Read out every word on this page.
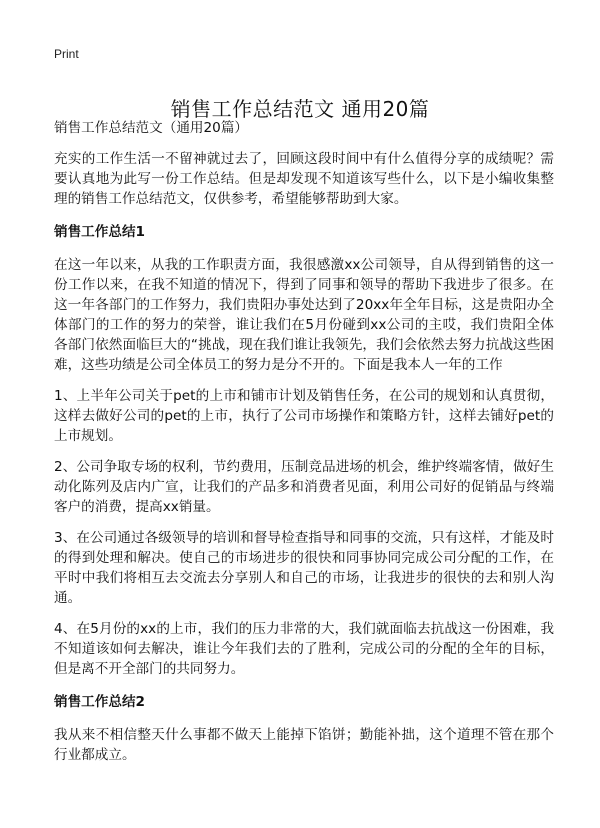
Print
销售工作总结范文 通用20篇

销售工作总结范文（通用20篇）

充实的工作生活一不留神就过去了，回顾这段时间中有什么值得分享的成绩呢？需要认真地为此写一份工作总结。但是却发现不知道该写些什么，以下是小编收集整理的销售工作总结范文，仅供参考，希望能够帮助到大家。

销售工作总结1

在这一年以来，从我的工作职责方面，我很感激xx公司领导，自从得到销售的这一份工作以来，在我不知道的情况下，得到了同事和领导的帮助下我进步了很多。在这一年各部门的工作努力，我们贵阳办事处达到了20xx年全年目标，这是贵阳办全体部门的工作的努力的荣誉，谁让我们在5月份碰到xx公司的主哎，我们贵阳全体各部门依然面临巨大的“挑战，现在我们谁让我领先，我们会依然去努力抗战这些困难，这些功绩是公司全体员工的努力是分不开的。下面是我本人一年的工作

1、上半年公司关于pet的上市和铺市计划及销售任务，在公司的规划和认真贯彻，这样去做好公司的pet的上市，执行了公司市场操作和策略方针，这样去铺好pet的上市规划。

2、公司争取专场的权利，节约费用，压制竞品进场的机会，维护终端客情，做好生动化陈列及店内广宣，让我们的产品多和消费者见面，利用公司好的促销品与终端客户的消费，提高xx销量。

3、在公司通过各级领导的培训和督导检查指导和同事的交流，只有这样，才能及时的得到处理和解决。使自己的市场进步的很快和同事协同完成公司分配的工作，在平时中我们将相互去交流去分享别人和自己的市场，让我进步的很快的去和别人沟通。

4、在5月份的xx的上市，我们的压力非常的大，我们就面临去抗战这一份困难，我不知道该如何去解决，谁让今年我们去的了胜利，完成公司的分配的全年的目标，但是离不开全部门的共同努力。

销售工作总结2

我从来不相信整天什么事都不做天上能掉下馅饼；勤能补拙，这个道理不管在那个行业都成立。
